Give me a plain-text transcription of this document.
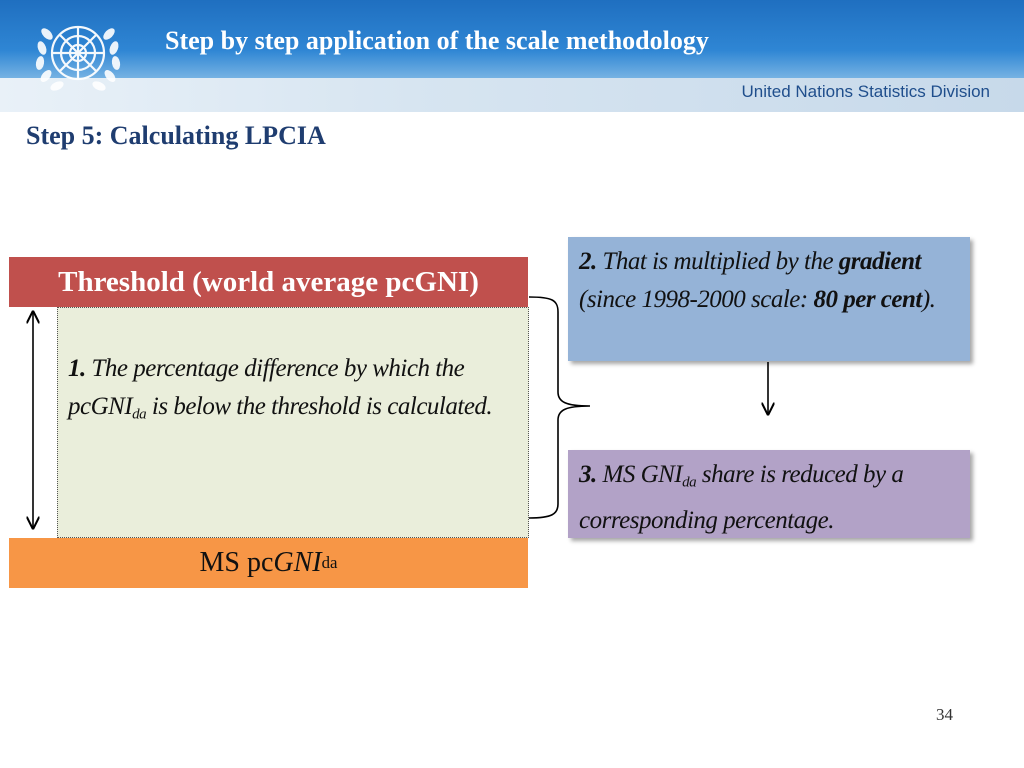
Step by step application of the scale methodology
United Nations Statistics Division
Step 5: Calculating LPCIA
Threshold (world average pcGNI)
1. The percentage difference by which the pcGNI$_{da}$ is below the threshold is calculated.
MS pc GNI da
2. That is multiplied by the gradient (since 1998-2000 scale: 80 per cent).
3. MS $GNI_{da}$ share is reduced by a corresponding percentage.
34
